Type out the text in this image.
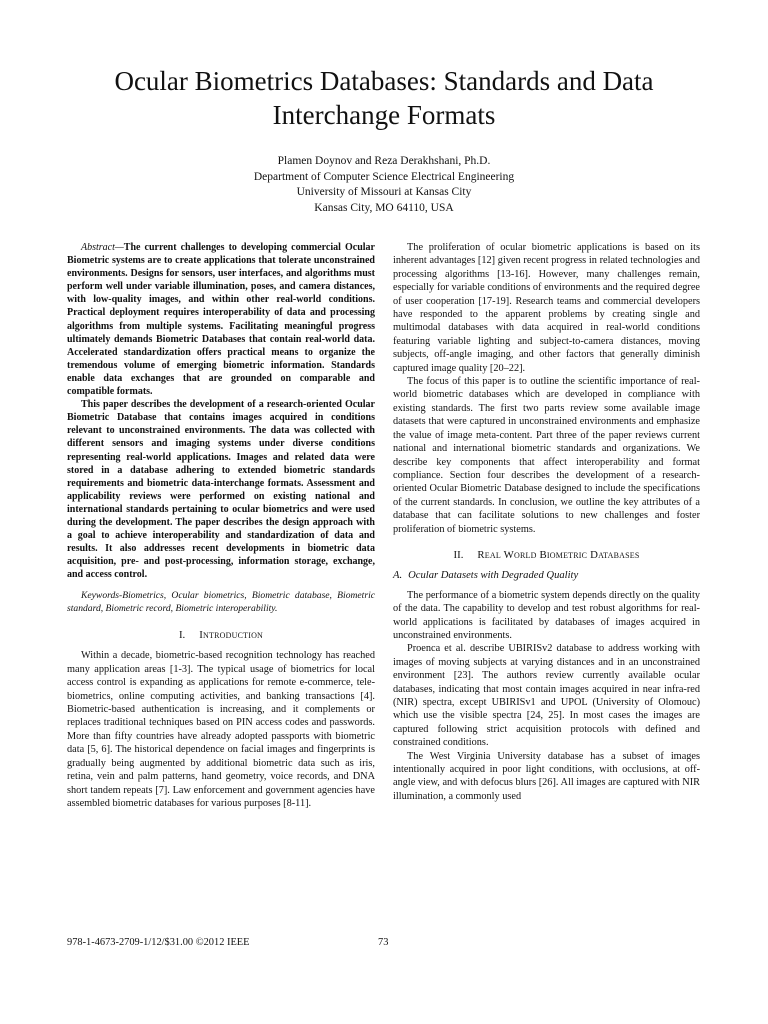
Ocular Biometrics Databases: Standards and Data Interchange Formats
Plamen Doynov and Reza Derakhshani, Ph.D.
Department of Computer Science Electrical Engineering
University of Missouri at Kansas City
Kansas City, MO 64110, USA

Abstract—The current challenges to developing commercial Ocular Biometric systems are to create applications that tolerate unconstrained environments. Designs for sensors, user interfaces, and algorithms must perform well under variable illumination, poses, and camera distances, with low-quality images, and within other real-world conditions. Practical deployment requires interoperability of data and processing algorithms from multiple systems. Facilitating meaningful progress ultimately demands Biometric Databases that contain real-world data. Accelerated standardization offers practical means to organize the tremendous volume of emerging biometric information. Standards enable data exchanges that are grounded on comparable and compatible formats.

This paper describes the development of a research-oriented Ocular Biometric Database that contains images acquired in conditions relevant to unconstrained environments. The data was collected with different sensors and imaging systems under diverse conditions representing real-world applications. Images and related data were stored in a database adhering to extended biometric standards requirements and biometric data-interchange formats. Assessment and applicability reviews were performed on existing national and international standards pertaining to ocular biometrics and were used during the development. The paper describes the design approach with a goal to achieve interoperability and standardization of data and results. It also addresses recent developments in biometric data acquisition, pre- and post-processing, information storage, exchange, and access control.

Keywords-Biometrics, Ocular biometrics, Biometric database, Biometric standard, Biometric record, Biometric interoperability.

I. Introduction

Within a decade, biometric-based recognition technology has reached many application areas [1-3]. The typical usage of biometrics for local access control is expanding as applications for remote e-commerce, tele-biometrics, online computing activities, and banking transactions [4]. Biometric-based authentication is increasing, and it complements or replaces traditional techniques based on PIN access codes and passwords. More than fifty countries have already adopted passports with biometric data [5, 6]. The historical dependence on facial images and fingerprints is gradually being augmented by additional biometric data such as iris, retina, vein and palm patterns, hand geometry, voice records, and DNA short tandem repeats [7]. Law enforcement and government agencies have assembled biometric databases for various purposes [8-11].

The proliferation of ocular biometric applications is based on its inherent advantages [12] given recent progress in related technologies and processing algorithms [13-16]. However, many challenges remain, especially for variable conditions of environments and the required degree of user cooperation [17-19]. Research teams and commercial developers have responded to the apparent problems by creating single and multimodal databases with data acquired in real-world conditions featuring variable lighting and subject-to-camera distances, moving subjects, off-angle imaging, and other factors that generally diminish captured image quality [20–22].

The focus of this paper is to outline the scientific importance of real-world biometric databases which are developed in compliance with existing standards. The first two parts review some available image datasets that were captured in unconstrained environments and emphasize the value of image meta-content. Part three of the paper reviews current national and international biometric standards and organizations. We describe key components that affect interoperability and format compliance. Section four describes the development of a research-oriented Ocular Biometric Database designed to include the specifications of the current standards. In conclusion, we outline the key attributes of a database that can facilitate solutions to new challenges and foster proliferation of biometric systems.

II. Real World Biometric Databases
A. Ocular Datasets with Degraded Quality

The performance of a biometric system depends directly on the quality of the data. The capability to develop and test robust algorithms for real-world applications is facilitated by databases of images acquired in unconstrained environments.

Proenca et al. describe UBIRISv2 database to address working with images of moving subjects at varying distances and in an unconstrained environment [23]. The authors review currently available ocular databases, indicating that most contain images acquired in near infra-red (NIR) spectra, except UBIRISv1 and UPOL (University of Olomouc) which use the visible spectra [24, 25]. In most cases the images are captured following strict acquisition protocols with defined and constrained conditions.

The West Virginia University database has a subset of images intentionally acquired in poor light conditions, with occlusions, at off-angle view, and with defocus blurs [26]. All images are captured with NIR illumination, a commonly used

978-1-4673-2709-1/12/$31.00 ©2012 IEEE	73
